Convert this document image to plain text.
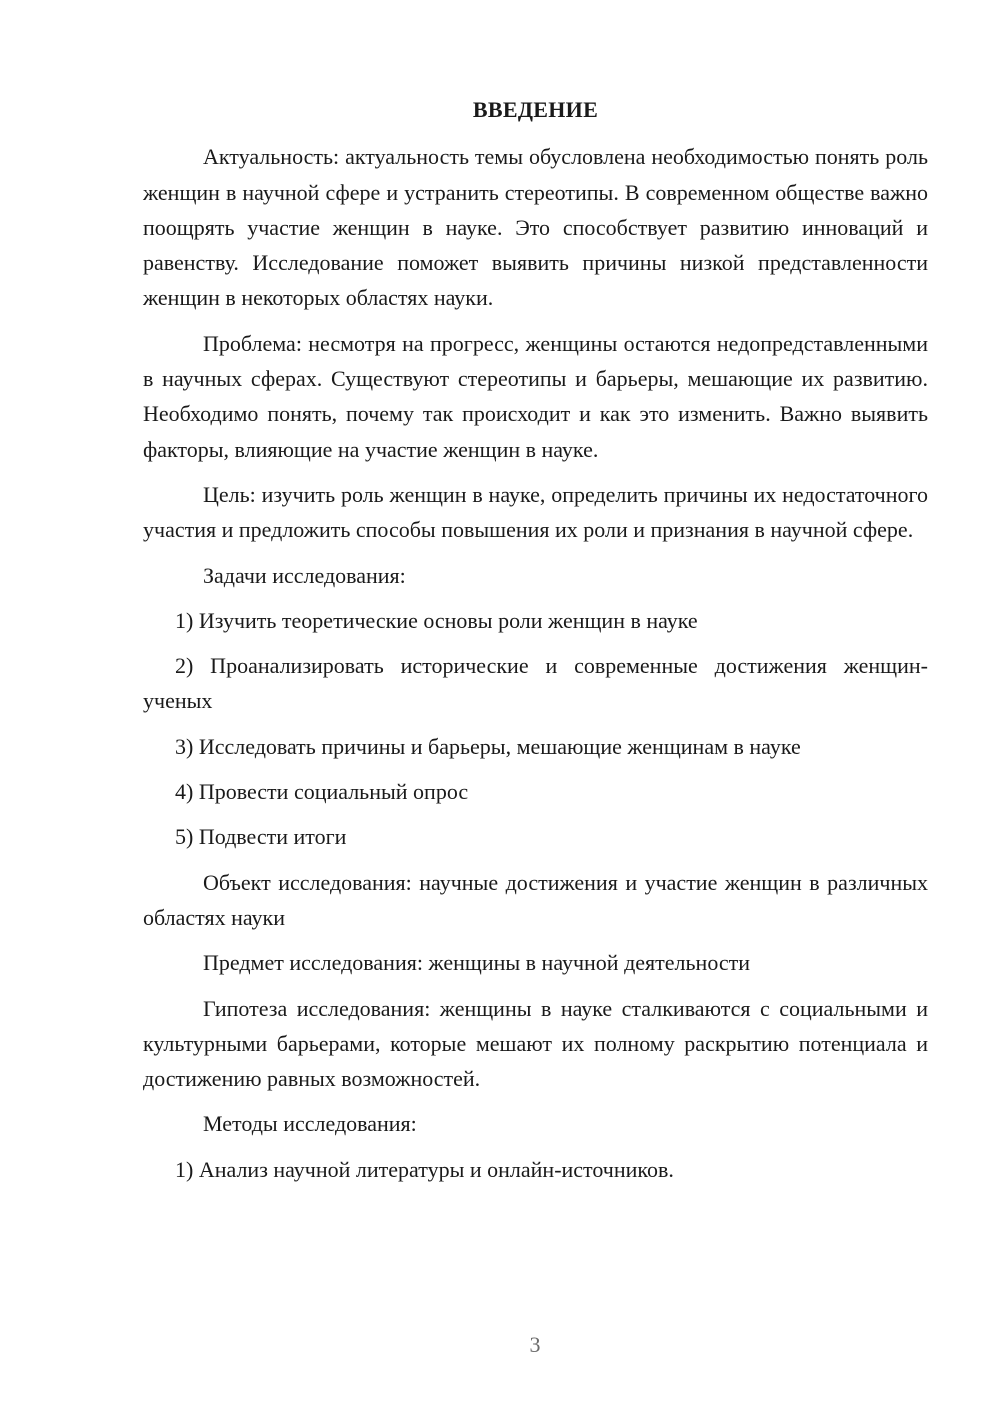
ВВЕДЕНИЕ

Актуальность: актуальность темы обусловлена необходимостью понять роль женщин в научной сфере и устранить стереотипы. В современном обществе важно поощрять участие женщин в науке. Это способствует развитию инноваций и равенству. Исследование поможет выявить причины низкой представленности женщин в некоторых областях науки.

Проблема: несмотря на прогресс, женщины остаются недопредставленными в научных сферах. Существуют стереотипы и барьеры, мешающие их развитию. Необходимо понять, почему так происходит и как это изменить. Важно выявить факторы, влияющие на участие женщин в науке.

Цель: изучить роль женщин в науке, определить причины их недостаточного участия и предложить способы повышения их роли и признания в научной сфере.

Задачи исследования:

1) Изучить теоретические основы роли женщин в науке

2) Проанализировать исторические и современные достижения женщин-ученых

3) Исследовать причины и барьеры, мешающие женщинам в науке

4) Провести социальный опрос

5) Подвести итоги

Объект исследования: научные достижения и участие женщин в различных областях науки

Предмет исследования: женщины в научной деятельности

Гипотеза исследования: женщины в науке сталкиваются с социальными и культурными барьерами, которые мешают их полному раскрытию потенциала и достижению равных возможностей.

Методы исследования:

1) Анализ научной литературы и онлайн-источников.

3
